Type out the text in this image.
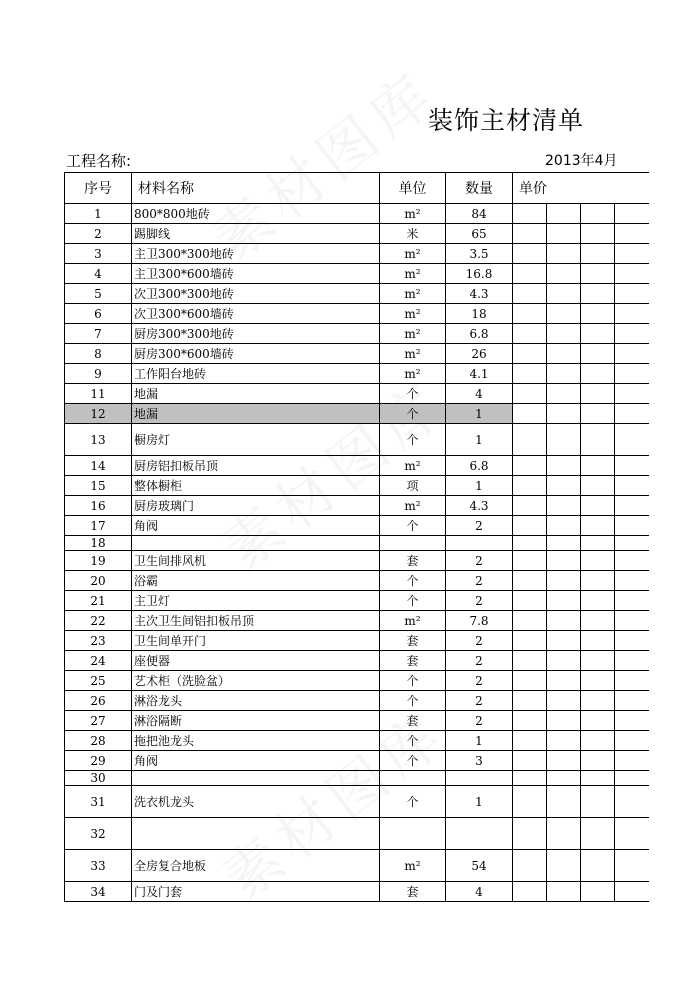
装饰主材清单
工程名称:	2013年4月
序号	材料名称	单位	数量	单价			
1	800*800地砖	m²	84				
2	踢脚线	米	65				
3	主卫300*300地砖	m²	3.5				
4	主卫300*600墙砖	m²	16.8				
5	次卫300*300地砖	m²	4.3				
6	次卫300*600墙砖	m²	18				
7	厨房300*300地砖	m²	6.8				
8	厨房300*600墙砖	m²	26				
9	工作阳台地砖	m²	4.1				
11	地漏	个	4				
12	地漏	个	1				
13	橱房灯	个	1				
14	厨房铝扣板吊顶	m²	6.8				
15	整体橱柜	项	1				
16	厨房玻璃门	m²	4.3				
17	角阀	个	2				
18							
19	卫生间排风机	套	2				
20	浴霸	个	2				
21	主卫灯	个	2				
22	主次卫生间铝扣板吊顶	m²	7.8				
23	卫生间单开门	套	2				
24	座便器	套	2				
25	艺术柜（洗脸盆）	个	2				
26	淋浴龙头	个	2				
27	淋浴隔断	套	2				
28	拖把池龙头	个	1				
29	角阀	个	3				
30							
31	洗衣机龙头	个	1				
32							
33	全房复合地板	m²	54				
34	门及门套	套	4				
